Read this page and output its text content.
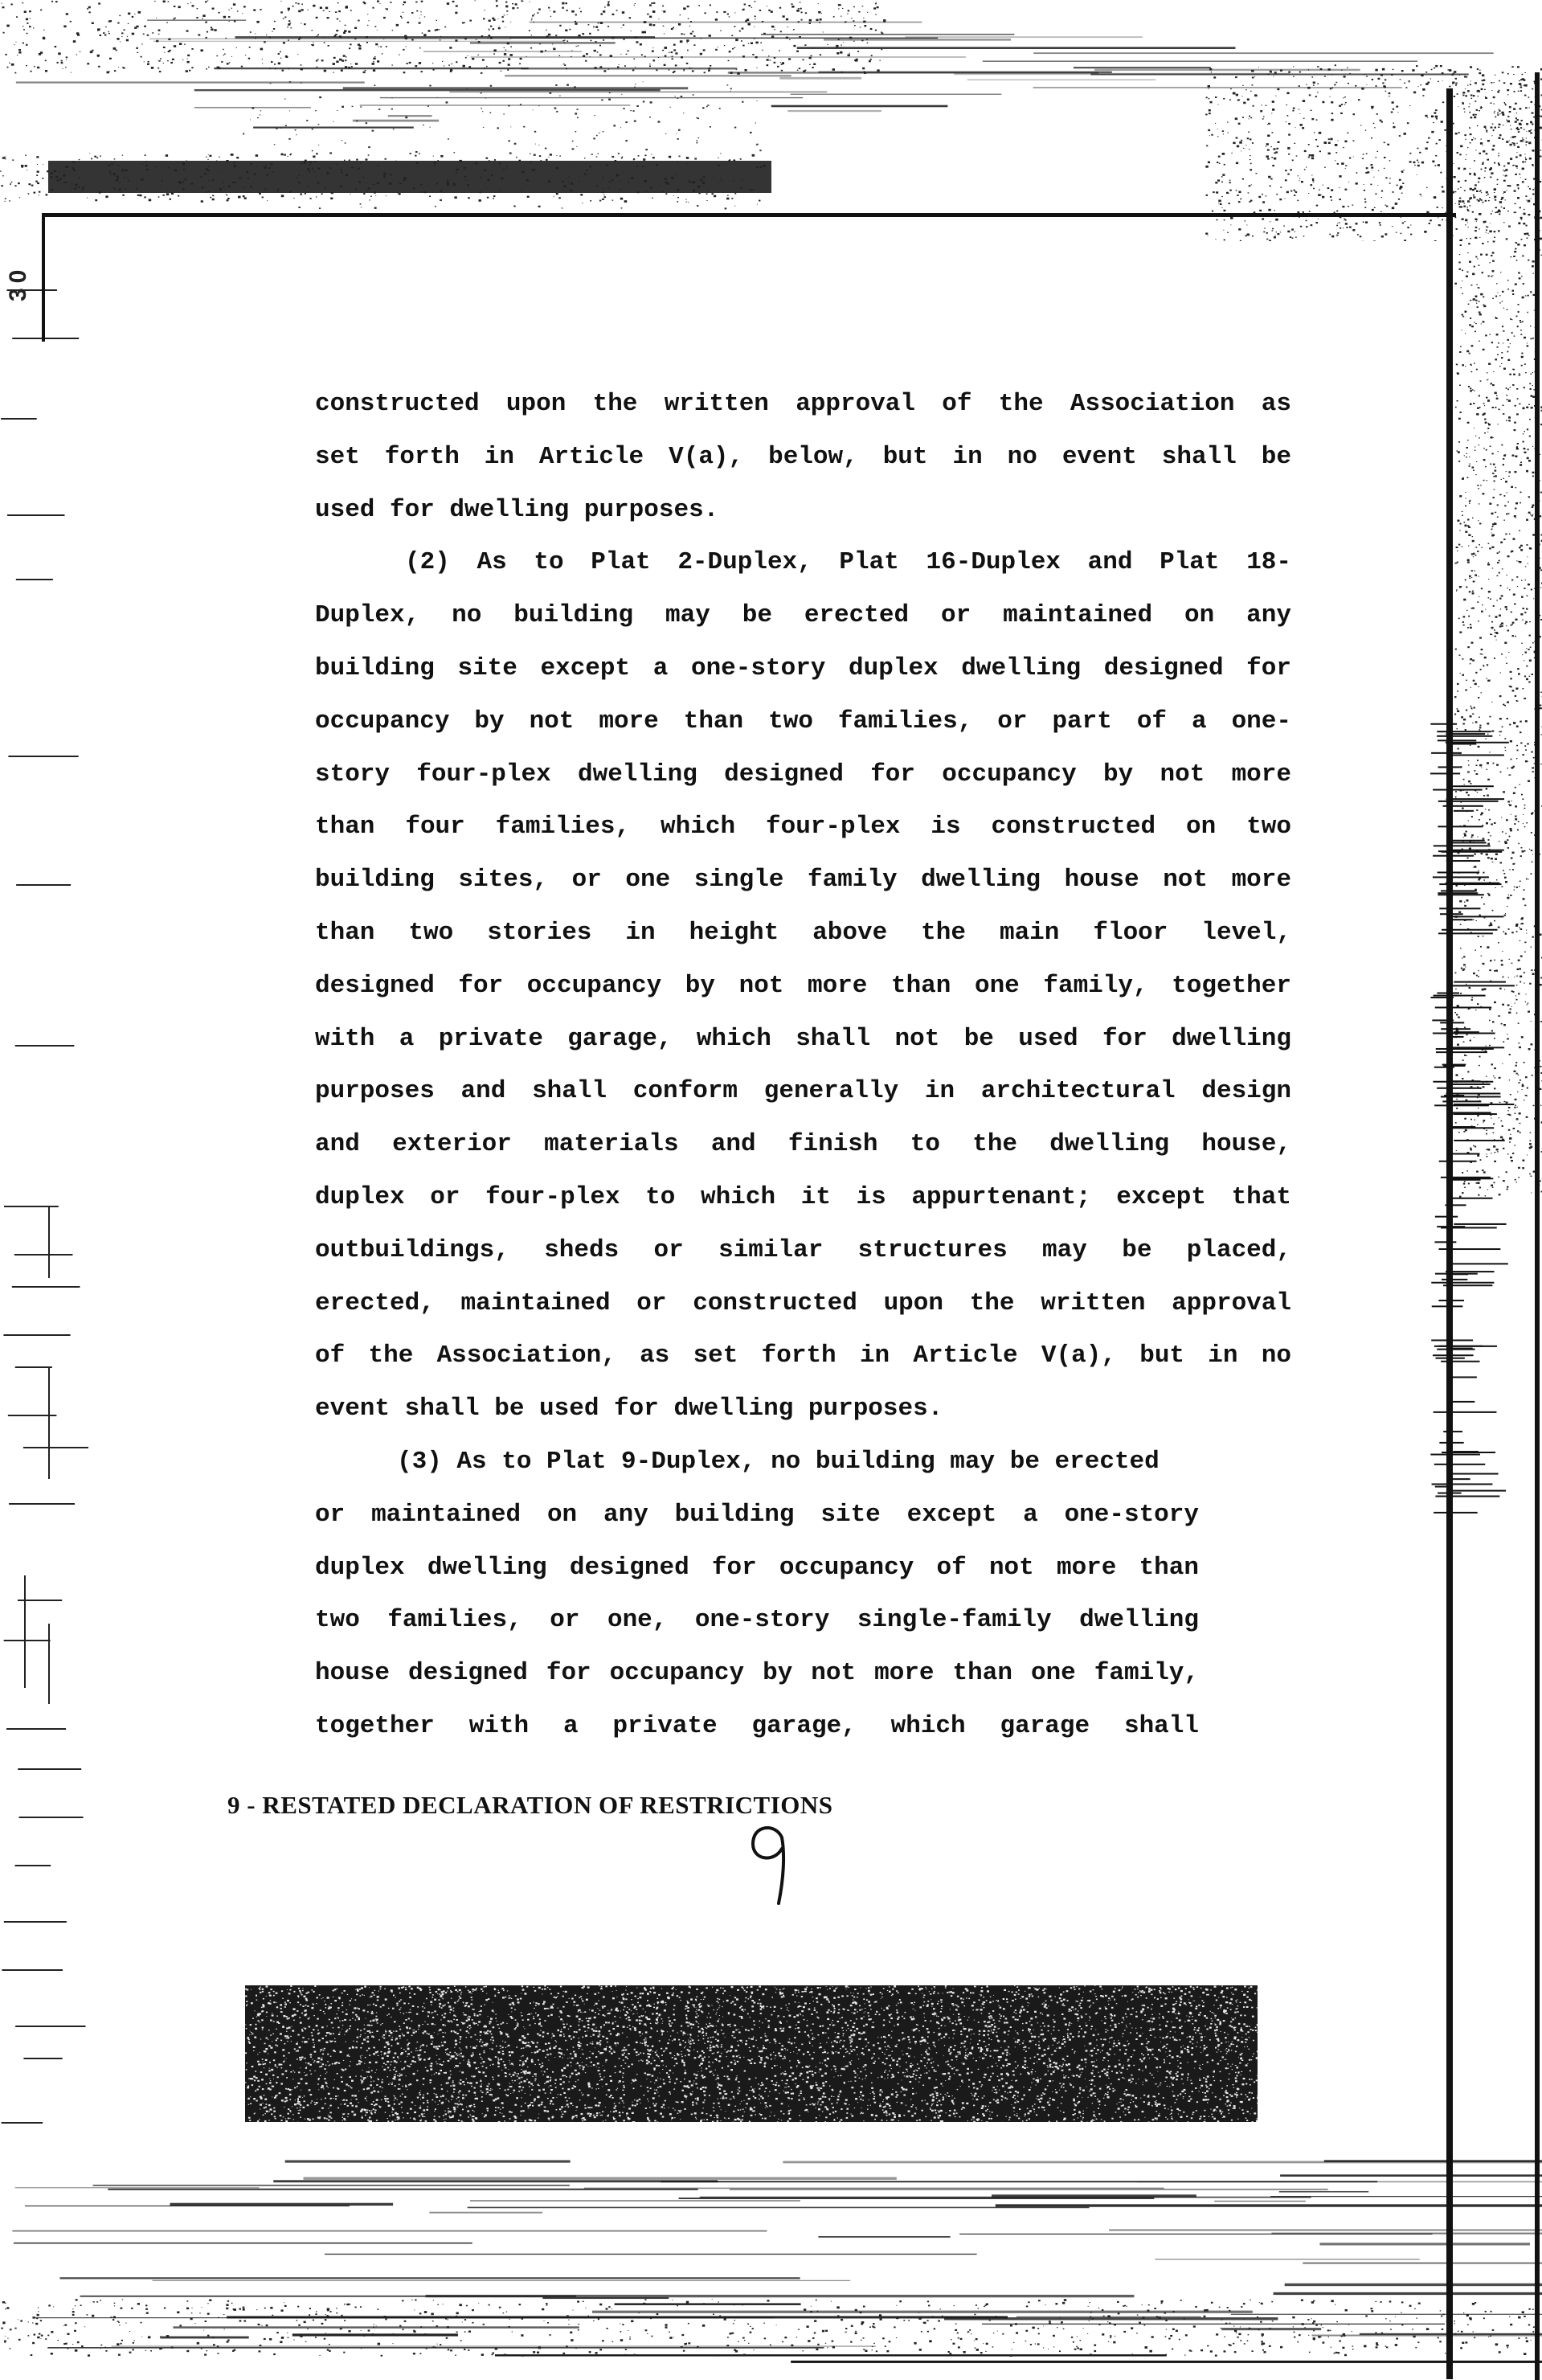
30

constructed upon the written approval of the Association as
set forth in Article V(a), below, but in no event shall be
used for dwelling purposes.

(2) As to Plat 2-Duplex, Plat 16-Duplex and Plat 18-
Duplex, no building may be erected or maintained on any
building site except a one-story duplex dwelling designed for
occupancy by not more than two families, or part of a one-
story four-plex dwelling designed for occupancy by not more
than four families, which four-plex is constructed on two
building sites, or one single family dwelling house not more
than two stories in height above the main floor level,
designed for occupancy by not more than one family, together
with a private garage, which shall not be used for dwelling
purposes and shall conform generally in architectural design
and exterior materials and finish to the dwelling house,
duplex or four-plex to which it is appurtenant; except that
outbuildings, sheds or similar structures may be placed,
erected, maintained or constructed upon the written approval
of the Association, as set forth in Article V(a), but in no
event shall be used for dwelling purposes.

(3) As to Plat 9-Duplex, no building may be erected
or maintained on any building site except a one-story
duplex dwelling designed for occupancy of not more than
two families, or one, one-story single-family dwelling
house designed for occupancy by not more than one family,
together with a private garage, which garage shall

9 - RESTATED DECLARATION OF RESTRICTIONS
